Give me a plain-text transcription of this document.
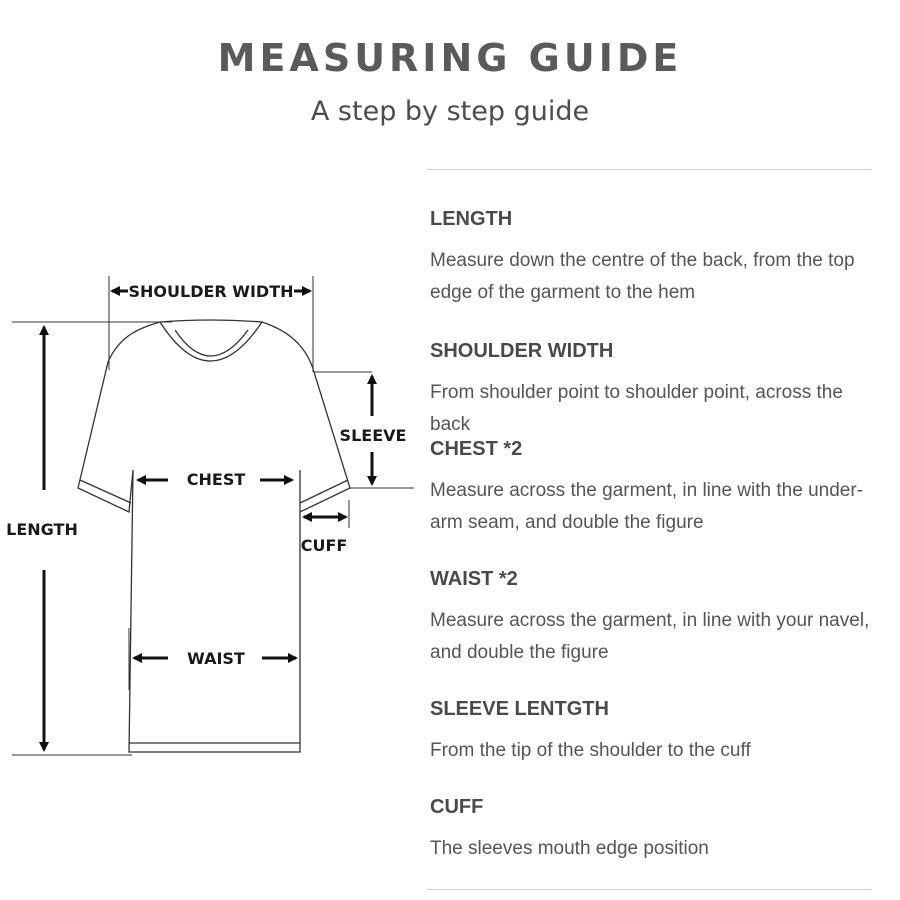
MEASURING GUIDE
A step by step guide
SHOULDER WIDTH
LENGTH
CHEST
SLEEVE
CUFF
WAIST
LENGTH
Measure down the centre of the back, from the top edge of the garment to the hem
SHOULDER WIDTH
From shoulder point to shoulder point, across the back
CHEST *2
Measure across the garment, in line with the under-arm seam, and double the figure
WAIST *2
Measure across the garment, in line with your navel, and double the figure
SLEEVE LENTGTH
From the tip of the shoulder to the cuff
CUFF
The sleeves mouth edge position
